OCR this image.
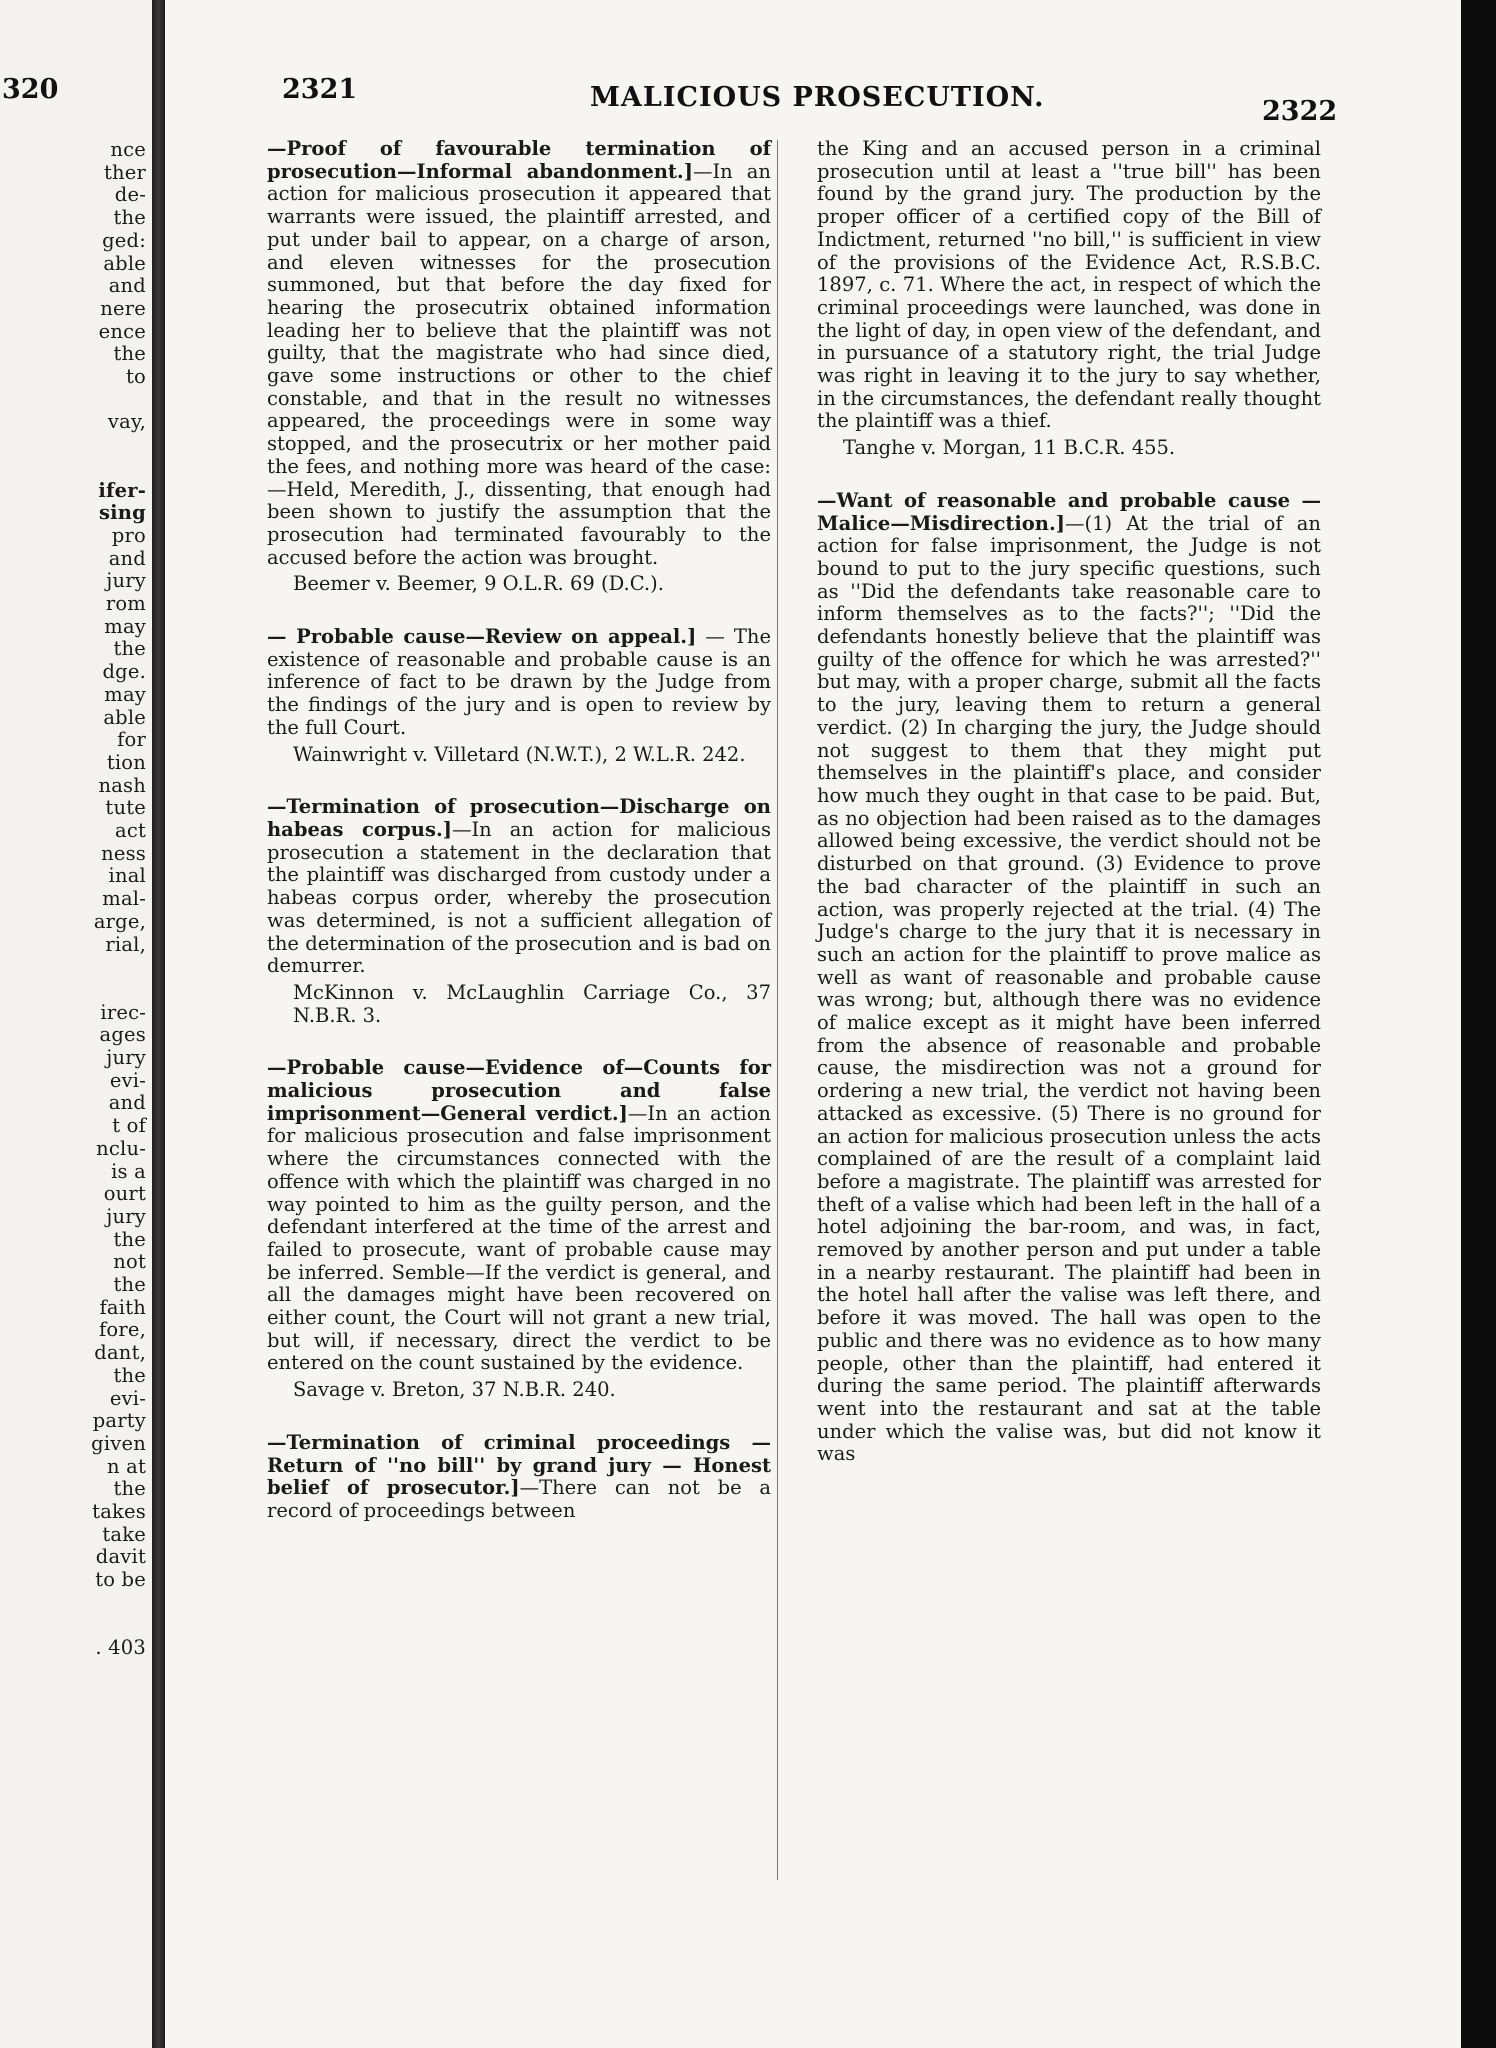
320
nce
ther
de-
the
ged:
able
and
nere
ence
the
to
vay,
ifer-
sing
pro
and
jury
rom
may
the
dge.
may
able
for
tion
nash
tute
act
ness
inal
mal-
arge,
rial,
irec-
ages
jury
evi-
and
t of
nclu-
is a
ourt
jury
the
not
the
faith
fore,
dant,
the
evi-
party
given
n at
the
takes
take
davit
to be
. 403
2321	MALICIOUS PROSECUTION.	2322

—Proof of favourable termination of prosecution—Informal abandonment.]—In an action for malicious prosecution it appeared that warrants were issued, the plaintiff arrested, and put under bail to appear, on a charge of arson, and eleven witnesses for the prosecution summoned, but that before the day fixed for hearing the prosecutrix obtained information leading her to believe that the plaintiff was not guilty, that the magistrate who had since died, gave some instructions or other to the chief constable, and that in the result no witnesses appeared, the proceedings were in some way stopped, and the prosecutrix or her mother paid the fees, and nothing more was heard of the case:—Held, Meredith, J., dissenting, that enough had been shown to justify the assumption that the prosecution had terminated favourably to the accused before the action was brought.

Beemer v. Beemer, 9 O.L.R. 69 (D.C.).

— Probable cause—Review on appeal.] — The existence of reasonable and probable cause is an inference of fact to be drawn by the Judge from the findings of the jury and is open to review by the full Court.

Wainwright v. Villetard (N.W.T.), 2 W.L.R. 242.

—Termination of prosecution—Discharge on habeas corpus.]—In an action for malicious prosecution a statement in the declaration that the plaintiff was discharged from custody under a habeas corpus order, whereby the prosecution was determined, is not a sufficient allegation of the determination of the prosecution and is bad on demurrer.

McKinnon v. McLaughlin Carriage Co., 37 N.B.R. 3.

—Probable cause—Evidence of—Counts for malicious prosecution and false imprisonment—General verdict.]—In an action for malicious prosecution and false imprisonment where the circumstances connected with the offence with which the plaintiff was charged in no way pointed to him as the guilty person, and the defendant interfered at the time of the arrest and failed to prosecute, want of probable cause may be inferred. Semble—If the verdict is general, and all the damages might have been recovered on either count, the Court will not grant a new trial, but will, if necessary, direct the verdict to be entered on the count sustained by the evidence.

Savage v. Breton, 37 N.B.R. 240.

—Termination of criminal proceedings — Return of ''no bill'' by grand jury — Honest belief of prosecutor.]—There can not be a record of proceedings between

the King and an accused person in a criminal prosecution until at least a ''true bill'' has been found by the grand jury. The production by the proper officer of a certified copy of the Bill of Indictment, returned ''no bill,'' is sufficient in view of the provisions of the Evidence Act, R.S.B.C. 1897, c. 71. Where the act, in respect of which the criminal proceedings were launched, was done in the light of day, in open view of the defendant, and in pursuance of a statutory right, the trial Judge was right in leaving it to the jury to say whether, in the circumstances, the defendant really thought the plaintiff was a thief.

Tanghe v. Morgan, 11 B.C.R. 455.

—Want of reasonable and probable cause —Malice—Misdirection.]—(1) At the trial of an action for false imprisonment, the Judge is not bound to put to the jury specific questions, such as ''Did the defendants take reasonable care to inform themselves as to the facts?''; ''Did the defendants honestly believe that the plaintiff was guilty of the offence for which he was arrested?'' but may, with a proper charge, submit all the facts to the jury, leaving them to return a general verdict. (2) In charging the jury, the Judge should not suggest to them that they might put themselves in the plaintiff's place, and consider how much they ought in that case to be paid. But, as no objection had been raised as to the damages allowed being excessive, the verdict should not be disturbed on that ground. (3) Evidence to prove the bad character of the plaintiff in such an action, was properly rejected at the trial. (4) The Judge's charge to the jury that it is necessary in such an action for the plaintiff to prove malice as well as want of reasonable and probable cause was wrong; but, although there was no evidence of malice except as it might have been inferred from the absence of reasonable and probable cause, the misdirection was not a ground for ordering a new trial, the verdict not having been attacked as excessive. (5) There is no ground for an action for malicious prosecution unless the acts complained of are the result of a complaint laid before a magistrate. The plaintiff was arrested for theft of a valise which had been left in the hall of a hotel adjoining the bar-room, and was, in fact, removed by another person and put under a table in a nearby restaurant. The plaintiff had been in the hotel hall after the valise was left there, and before it was moved. The hall was open to the public and there was no evidence as to how many people, other than the plaintiff, had entered it during the same period. The plaintiff afterwards went into the restaurant and sat at the table under which the valise was, but did not know it was
